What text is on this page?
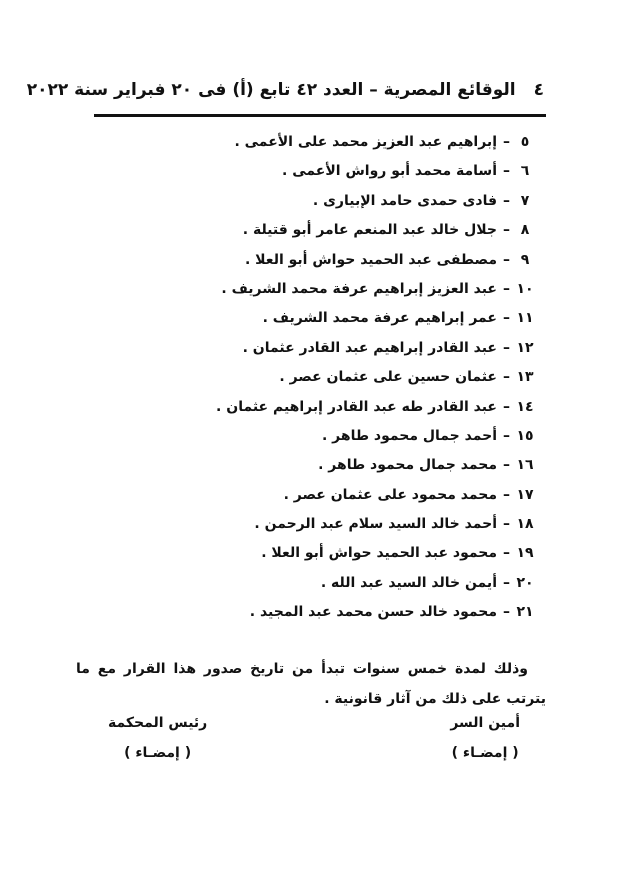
٤
الوقائع المصرية – العدد ٤٢ تابع (أ) فى ٢٠ فبراير سنة ٢٠٢٢
٥–إبراهيم عبد العزيز محمد على الأعمى .
٦–أسامة محمد أبو رواش الأعمى .
٧–فادى حمدى حامد الإبيارى .
٨–جلال خالد عبد المنعم عامر أبو قتيلة .
٩–مصطفى عبد الحميد حواش أبو العلا .
١٠–عبد العزيز إبراهيم عرفة محمد الشريف .
١١–عمر إبراهيم عرفة محمد الشريف .
١٢–عبد القادر إبراهيم عبد القادر عثمان .
١٣–عثمان حسين على عثمان عصر .
١٤–عبد القادر طه عبد القادر إبراهيم عثمان .
١٥–أحمد جمال محمود طاهر .
١٦–محمد جمال محمود طاهر .
١٧–محمد محمود على عثمان عصر .
١٨–أحمد خالد السيد سلام عبد الرحمن .
١٩–محمود عبد الحميد حواش أبو العلا .
٢٠–أيمن خالد السيد عبد الله .
٢١–محمود خالد حسن محمد عبد المجيد .

وذلك لمدة خمس سنوات تبدأ من تاريخ صدور هذا القرار مع ما يترتب على ذلك من آثار قانونية .

أمين السر
( إمضـاء )
رئيس المحكمة
( إمضـاء )
